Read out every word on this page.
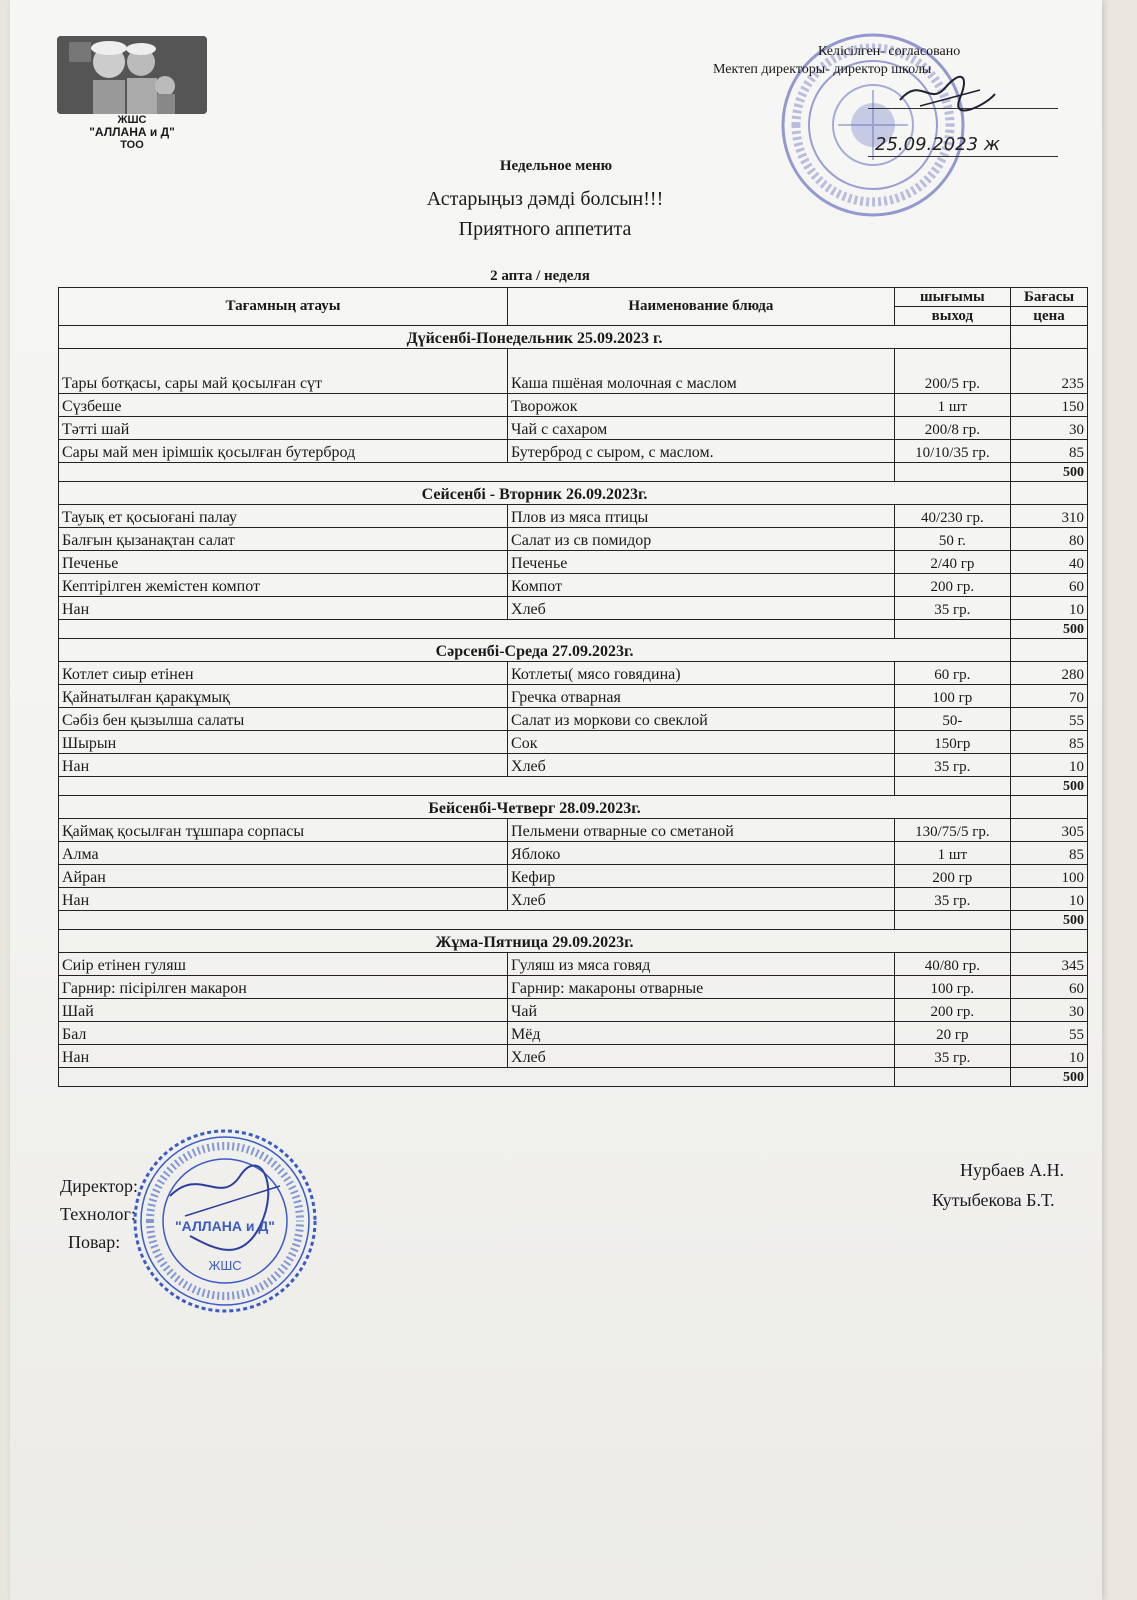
ЖШС
"АЛЛАНА и Д"
ТОО
Келісілген- согласовано
Мектеп директоры- директор школы
25.09.2023 ж
Недельное меню
Астарыңыз дәмді болсын!!!
Приятного аппетита
2 апта / неделя
Тағамның атауы	Наименование блюда	шығымы	Бағасы
		выход	цена
Дүйсенбі-Понедельник 25.09.2023 г.			
Тары ботқасы, сары май қосылған сүт	Каша пшёная молочная с маслом	200/5 гр.	235
Сүзбеше	Творожок	1 шт	150
Тәтті шай	Чай с сахаром	200/8 гр.	30
Сары май мен ірімшік қосылған бутерброд	Бутерброд с сыром, с маслом.	10/10/35 гр.	85
			500
Сейсенбі - Вторник 26.09.2023г.			
Тауық ет қосыоғані палау	Плов из мяса птицы	40/230 гр.	310
Балғын қызанақтан салат	Салат из св помидор	50 г.	80
Печенье	Печенье	2/40 гр	40
Кептірілген жемістен компот	Компот	200 гр.	60
Нан	Хлеб	35 гр.	10
			500
Сәрсенбі-Среда 27.09.2023г.			
Котлет сиыр етінен	Котлеты( мясо говядина)	60 гр.	280
Қайнатылған қаракұмық	Гречка отварная	100 гр	70
Сәбіз бен қызылша салаты	Салат из моркови со свеклой	50-	55
Шырын	Сок	150гр	85
Нан	Хлеб	35 гр.	10
			500
Бейсенбі-Четверг 28.09.2023г.			
Қаймақ қосылған тұшпара сорпасы	Пельмени отварные со сметаной	130/75/5 гр.	305
Алма	Яблоко	1 шт	85
Айран	Кефир	200 гр	100
Нан	Хлеб	35 гр.	10
			500
Жұма-Пятница 29.09.2023г.			
Сиір етінен гуляш	Гуляш из мяса говяд	40/80 гр.	345
Гарнир: пісірілген макарон	Гарнир: макароны отварные	100 гр.	60
Шай	Чай	200 гр.	30
Бал	Мёд	20 гр	55
Нан	Хлеб	35 гр.	10
			500
Директор:
Технолог:
Повар:
Нурбаев А.Н.
Кутыбекова Б.Т.
"АЛЛАНА и Д"
ЖШС
